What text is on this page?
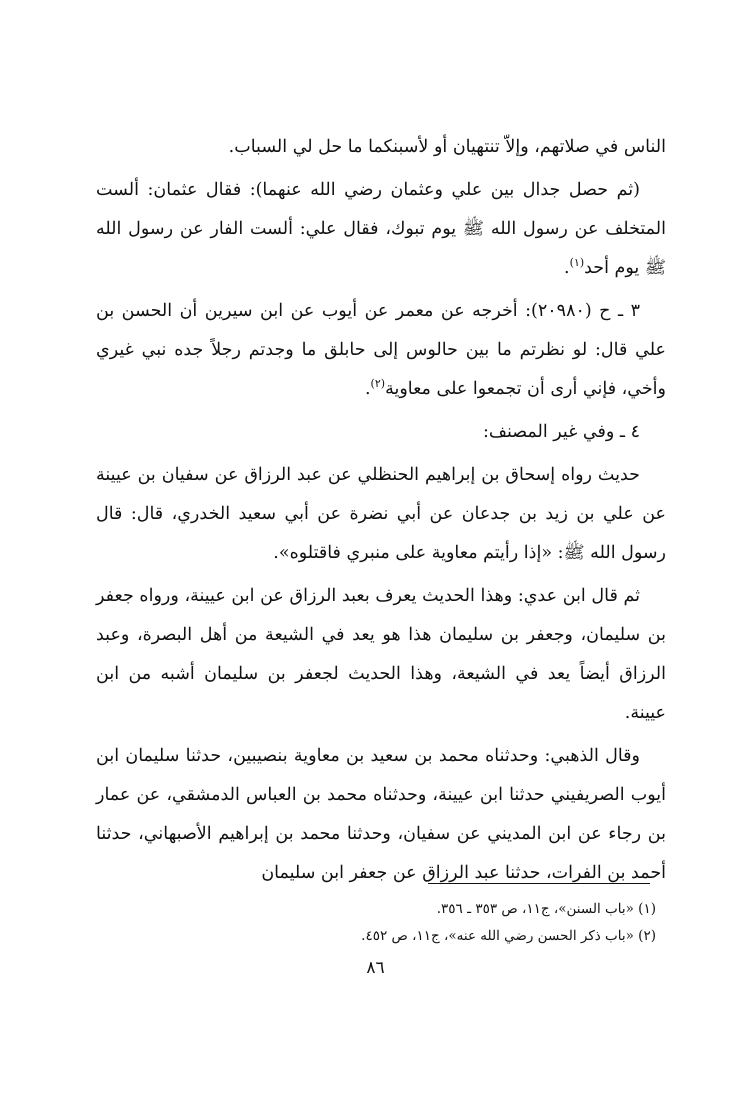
الناس في صلاتهم، وإلاّ تنتهيان أو لأسبنكما ما حل لي السباب.

(ثم حصل جدال بين علي وعثمان رضي الله عنهما): فقال عثمان: ألست المتخلف عن رسول الله ﷺ يوم تبوك، فقال علي: ألست الفار عن رسول الله ﷺ يوم أحد$^{(١)}$.

٣ ـ ح (٢٠٩٨٠): أخرجه عن معمر عن أيوب عن ابن سيرين أن الحسن بن علي قال: لو نظرتم ما بين حالوس إلى حابلق ما وجدتم رجلاً جده نبي غيري وأخي، فإني أرى أن تجمعوا على معاوية$^{(٢)}$.

٤ ـ وفي غير المصنف:

حديث رواه إسحاق بن إبراهيم الحنظلي عن عبد الرزاق عن سفيان بن عيينة عن علي بن زيد بن جدعان عن أبي نضرة عن أبي سعيد الخدري، قال: قال رسول الله ﷺ: «إذا رأيتم معاوية على منبري فاقتلوه».

ثم قال ابن عدي: وهذا الحديث يعرف بعبد الرزاق عن ابن عيينة، ورواه جعفر بن سليمان، وجعفر بن سليمان هذا هو يعد في الشيعة من أهل البصرة، وعبد الرزاق أيضاً يعد في الشيعة، وهذا الحديث لجعفر بن سليمان أشبه من ابن عيينة.

وقال الذهبي: وحدثناه محمد بن سعيد بن معاوية بنصيبين، حدثنا سليمان ابن أيوب الصريفيني حدثنا ابن عيينة، وحدثناه محمد بن العباس الدمشقي، عن عمار بن رجاء عن ابن المديني عن سفيان، وحدثنا محمد بن إبراهيم الأصبهاني، حدثنا أحمد بن الفرات، حدثنا عبد الرزاق عن جعفر ابن سليمان

(١) «باب السنن»، ج١١، ص ٣٥٣ ـ ٣٥٦.
(٢) «باب ذكر الحسن رضي الله عنه»، ج١١، ص ٤٥٢.
٨٦
